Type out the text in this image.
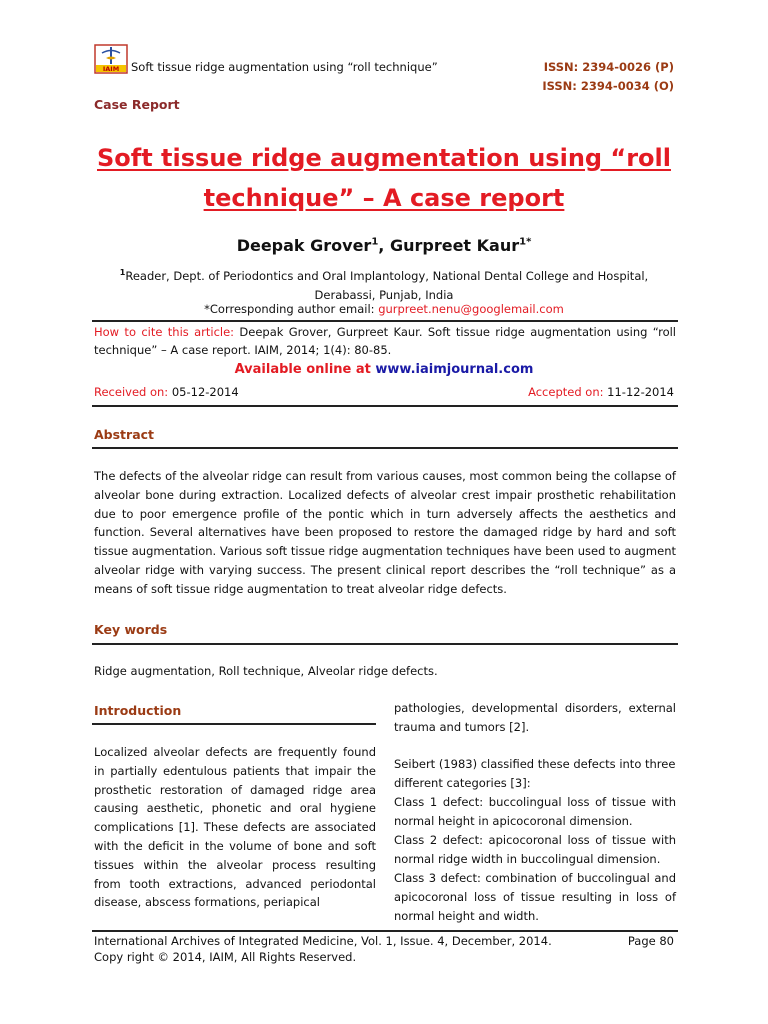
IAIM Soft tissue ridge augmentation using “roll technique”	ISSN: 2394-0026 (P)
ISSN: 2394-0034 (O)
Case Report
Soft tissue ridge augmentation using “roll
technique” – A case report
Deepak Grover$^1$, Gurpreet Kaur$^{1*}$
$^1$Reader, Dept. of Periodontics and Oral Implantology, National Dental College and Hospital, Derabassi, Punjab, India
*Corresponding author email: gurpreet.nenu@googlemail.com
How to cite this article: Deepak Grover, Gurpreet Kaur. Soft tissue ridge augmentation using “roll technique” – A case report. IAIM, 2014; 1(4): 80-85.
Available online at www.iaimjournal.com
Received on: 05-12-2014	Accepted on: 11-12-2014
Abstract
The defects of the alveolar ridge can result from various causes, most common being the collapse of alveolar bone during extraction. Localized defects of alveolar crest impair prosthetic rehabilitation due to poor emergence profile of the pontic which in turn adversely affects the aesthetics and function. Several alternatives have been proposed to restore the damaged ridge by hard and soft tissue augmentation. Various soft tissue ridge augmentation techniques have been used to augment alveolar ridge with varying success. The present clinical report describes the “roll technique” as a means of soft tissue ridge augmentation to treat alveolar ridge defects.
Key words
Ridge augmentation, Roll technique, Alveolar ridge defects.
Introduction
Localized alveolar defects are frequently found in partially edentulous patients that impair the prosthetic restoration of damaged ridge area causing aesthetic, phonetic and oral hygiene complications [1]. These defects are associated with the deficit in the volume of bone and soft tissues within the alveolar process resulting from tooth extractions, advanced periodontal disease, abscess formations, periapical
pathologies, developmental disorders, external trauma and tumors [2].
Seibert (1983) classified these defects into three different categories [3]:
Class 1 defect: buccolingual loss of tissue with normal height in apicocoronal dimension.
Class 2 defect: apicocoronal loss of tissue with normal ridge width in buccolingual dimension.
Class 3 defect: combination of buccolingual and apicocoronal loss of tissue resulting in loss of normal height and width.
International Archives of Integrated Medicine, Vol. 1, Issue. 4, December, 2014.	Page 80
Copy right © 2014, IAIM, All Rights Reserved.
